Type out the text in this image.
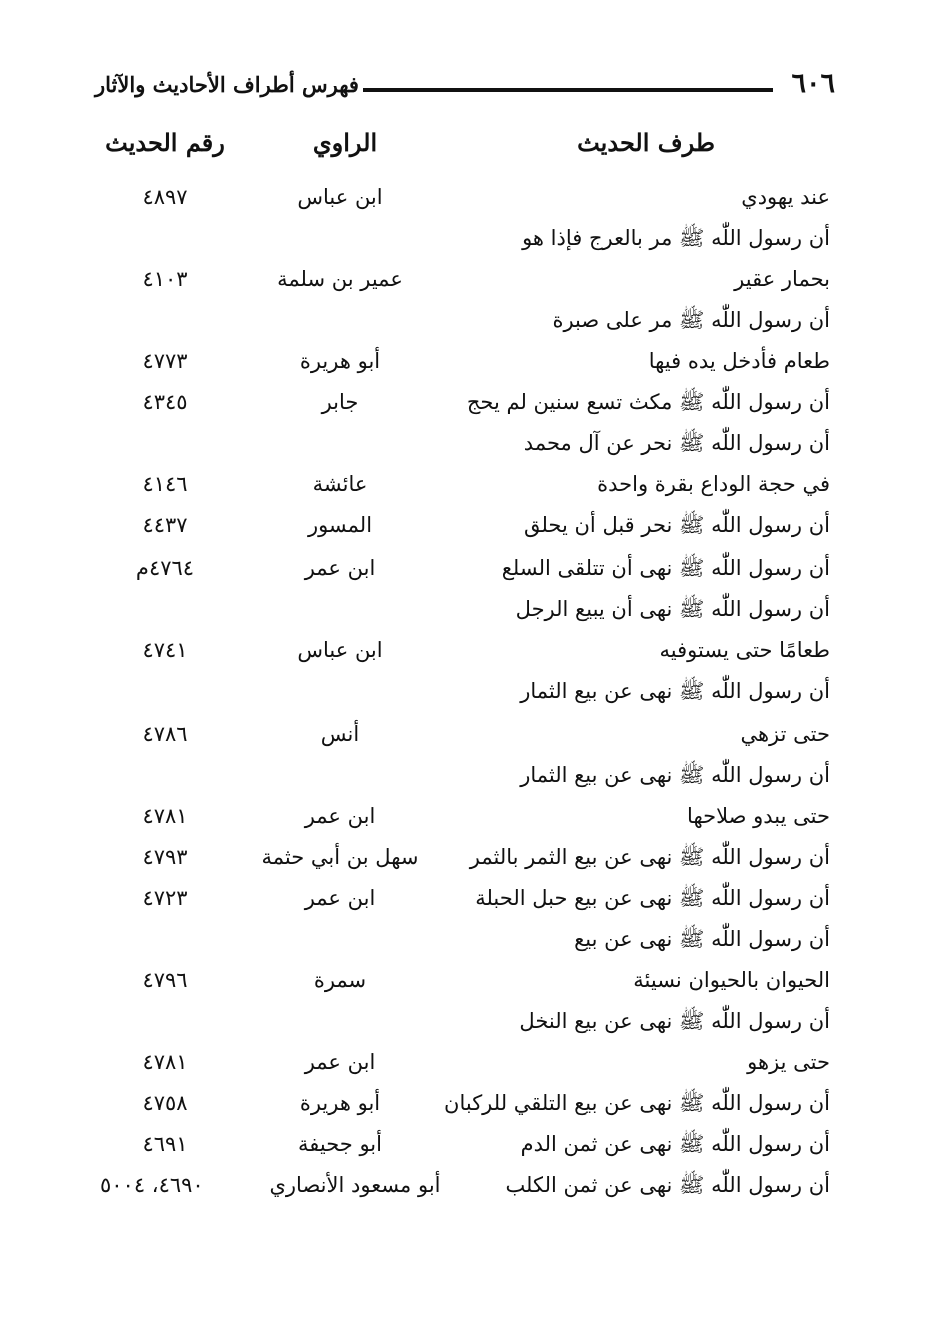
٦٠٦
فهرس أطراف الأحاديث والآثار
طرف الحديث
الراوي
رقم الحديث
عند يهودي
ابن عباس
٤٨٩٧
أن رسول اللّٰه ﷺ مر بالعرج فإذا هو
بحمار عقير
عمير بن سلمة
٤١٠٣
أن رسول اللّٰه ﷺ مر على صبرة
طعام فأدخل يده فيها
أبو هريرة
٤٧٧٣
أن رسول اللّٰه ﷺ مكث تسع سنين لم يحج
جابر
٤٣٤٥
أن رسول اللّٰه ﷺ نحر عن آل محمد
في حجة الوداع بقرة واحدة
عائشة
٤١٤٦
أن رسول اللّٰه ﷺ نحر قبل أن يحلق
المسور
٤٤٣٧
أن رسول اللّٰه ﷺ نهى أن تتلقى السلع
ابن عمر
٤٧٦٤م
أن رسول اللّٰه ﷺ نهى أن يبيع الرجل
طعامًا حتى يستوفيه
ابن عباس
٤٧٤١
أن رسول اللّٰه ﷺ نهى عن بيع الثمار
حتى تزهي
أنس
٤٧٨٦
أن رسول اللّٰه ﷺ نهى عن بيع الثمار
حتى يبدو صلاحها
ابن عمر
٤٧٨١
أن رسول اللّٰه ﷺ نهى عن بيع الثمر بالثمر
سهل بن أبي حثمة
٤٧٩٣
أن رسول اللّٰه ﷺ نهى عن بيع حبل الحبلة
ابن عمر
٤٧٢٣
أن رسول اللّٰه ﷺ نهى عن بيع
الحيوان بالحيوان نسيئة
سمرة
٤٧٩٦
أن رسول اللّٰه ﷺ نهى عن بيع النخل
حتى يزهو
ابن عمر
٤٧٨١
أن رسول اللّٰه ﷺ نهى عن بيع التلقي للركبان
أبو هريرة
٤٧٥٨
أن رسول اللّٰه ﷺ نهى عن ثمن الدم
أبو جحيفة
٤٦٩١
أن رسول اللّٰه ﷺ نهى عن ثمن الكلب
أبو مسعود الأنصاري
٤٦٩٠، ٥٠٠٤
